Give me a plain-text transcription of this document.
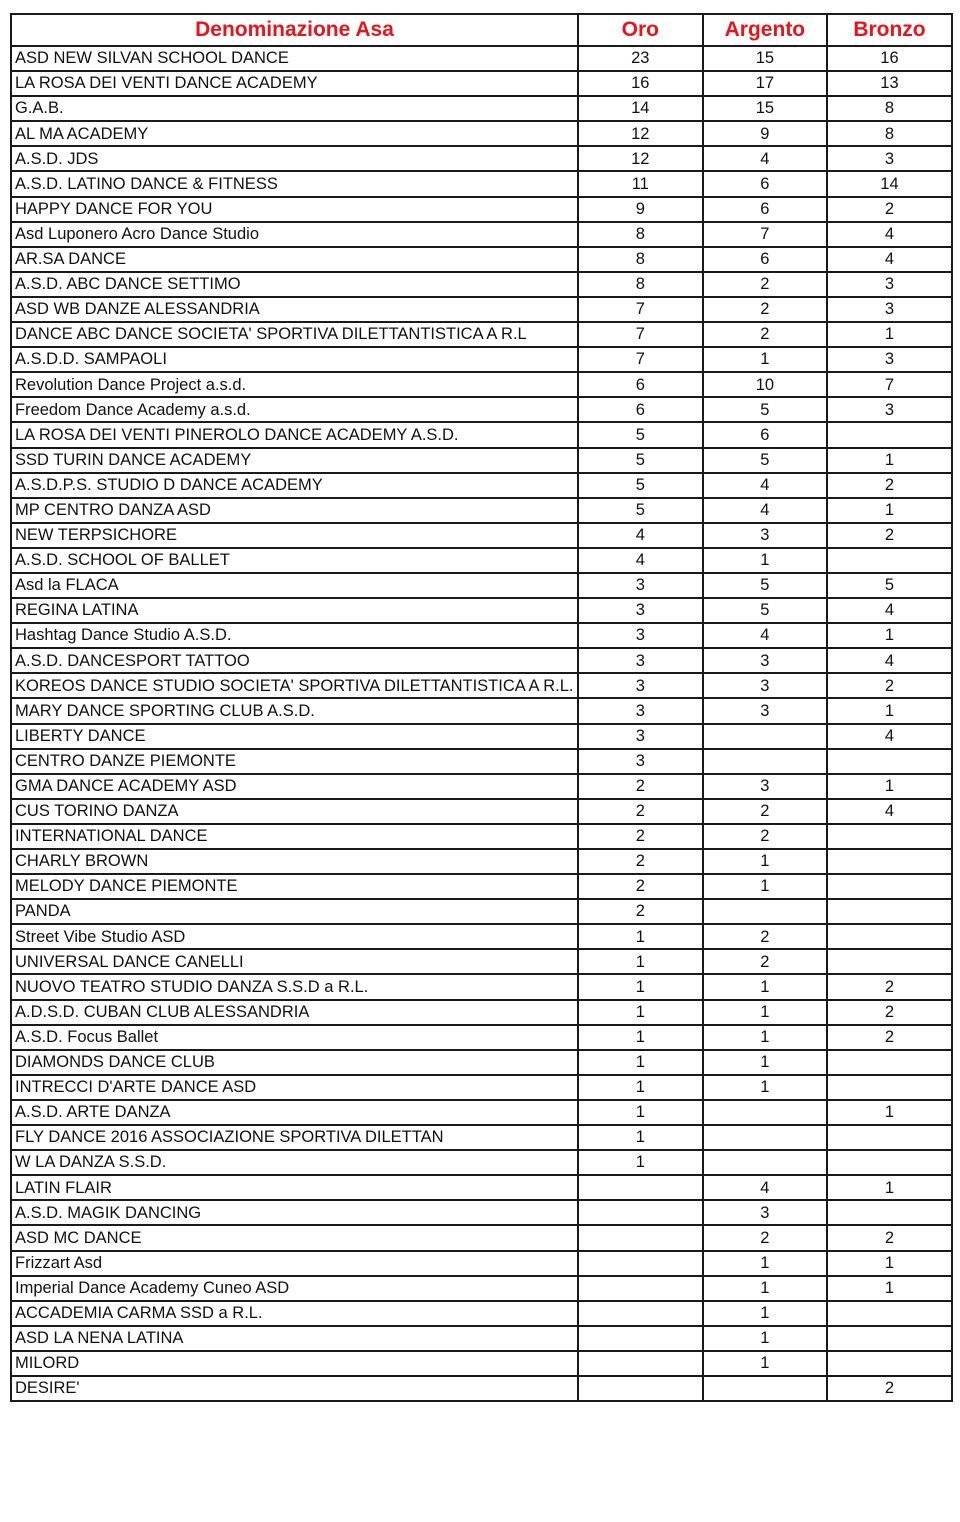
Denominazione Asa	Oro	Argento	Bronzo
ASD NEW SILVAN SCHOOL DANCE	23	15	16
LA ROSA DEI VENTI DANCE ACADEMY	16	17	13
G.A.B.	14	15	8
AL MA ACADEMY	12	9	8
A.S.D. JDS	12	4	3
A.S.D. LATINO DANCE & FITNESS	11	6	14
HAPPY DANCE FOR YOU	9	6	2
Asd Luponero Acro Dance Studio	8	7	4
AR.SA DANCE	8	6	4
A.S.D. ABC DANCE SETTIMO	8	2	3
ASD WB DANZE ALESSANDRIA	7	2	3
DANCE ABC DANCE SOCIETA' SPORTIVA DILETTANTISTICA A R.L	7	2	1
A.S.D.D. SAMPAOLI	7	1	3
Revolution Dance Project a.s.d.	6	10	7
Freedom Dance Academy a.s.d.	6	5	3
LA ROSA DEI VENTI PINEROLO DANCE ACADEMY A.S.D.	5	6	
SSD TURIN DANCE ACADEMY	5	5	1
A.S.D.P.S. STUDIO D DANCE ACADEMY	5	4	2
MP CENTRO DANZA ASD	5	4	1
NEW TERPSICHORE	4	3	2
A.S.D. SCHOOL OF BALLET	4	1	
Asd la FLACA	3	5	5
REGINA LATINA	3	5	4
Hashtag Dance Studio A.S.D.	3	4	1
A.S.D. DANCESPORT TATTOO	3	3	4
KOREOS DANCE STUDIO SOCIETA' SPORTIVA DILETTANTISTICA A R.L.	3	3	2
MARY DANCE SPORTING CLUB A.S.D.	3	3	1
LIBERTY DANCE	3		4
CENTRO DANZE PIEMONTE	3		
GMA DANCE ACADEMY ASD	2	3	1
CUS TORINO DANZA	2	2	4
INTERNATIONAL DANCE	2	2	
CHARLY BROWN	2	1	
MELODY DANCE PIEMONTE	2	1	
PANDA	2		
Street Vibe Studio ASD	1	2	
UNIVERSAL DANCE CANELLI	1	2	
NUOVO TEATRO STUDIO DANZA S.S.D a R.L.	1	1	2
A.D.S.D. CUBAN CLUB ALESSANDRIA	1	1	2
A.S.D. Focus Ballet	1	1	2
DIAMONDS DANCE CLUB	1	1	
INTRECCI D'ARTE DANCE ASD	1	1	
A.S.D. ARTE DANZA	1		1
FLY DANCE 2016 ASSOCIAZIONE SPORTIVA DILETTAN	1		
W LA DANZA S.S.D.	1		
LATIN FLAIR		4	1
A.S.D. MAGIK DANCING		3	
ASD MC DANCE		2	2
Frizzart Asd		1	1
Imperial Dance Academy Cuneo ASD		1	1
ACCADEMIA CARMA SSD a R.L.		1	
ASD LA NENA LATINA		1	
MILORD		1	
DESIRE'			2
